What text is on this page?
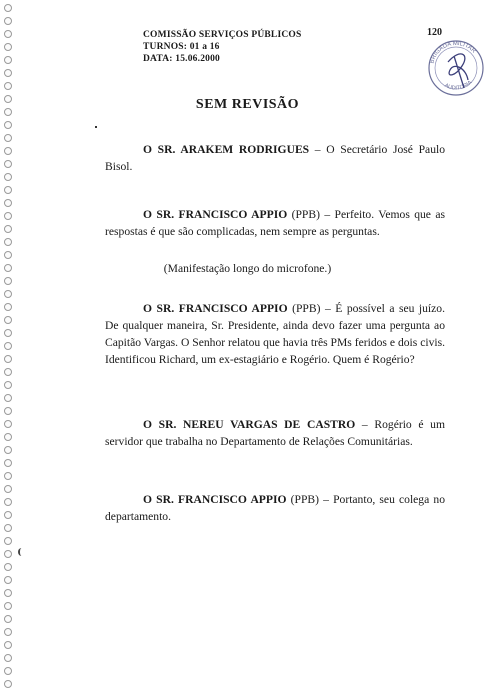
COMISSÃO SERVIÇOS PÚBLICOS
TURNOS: 01 a 16
DATA: 15.06.2000
120
BRIGADA MILITAR
AUDITORIA
SEM REVISÃO
O SR. ARAKEM RODRIGUES – O Secretário José Paulo Bisol.
O SR. FRANCISCO APPIO (PPB) – Perfeito. Vemos que as respostas é que são complicadas, nem sempre as perguntas.
(Manifestação longo do microfone.)
O SR. FRANCISCO APPIO (PPB) – É possível a seu juízo. De qualquer maneira, Sr. Presidente, ainda devo fazer uma pergunta ao Capitão Vargas. O Senhor relatou que havia três PMs feridos e dois civis. Identificou Richard, um ex-estagiário e Rogério. Quem é Rogério?
O SR. NEREU VARGAS DE CASTRO – Rogério é um servidor que trabalha no Departamento de Relações Comunitárias.
O SR. FRANCISCO APPIO (PPB) – Portanto, seu colega no departamento.
